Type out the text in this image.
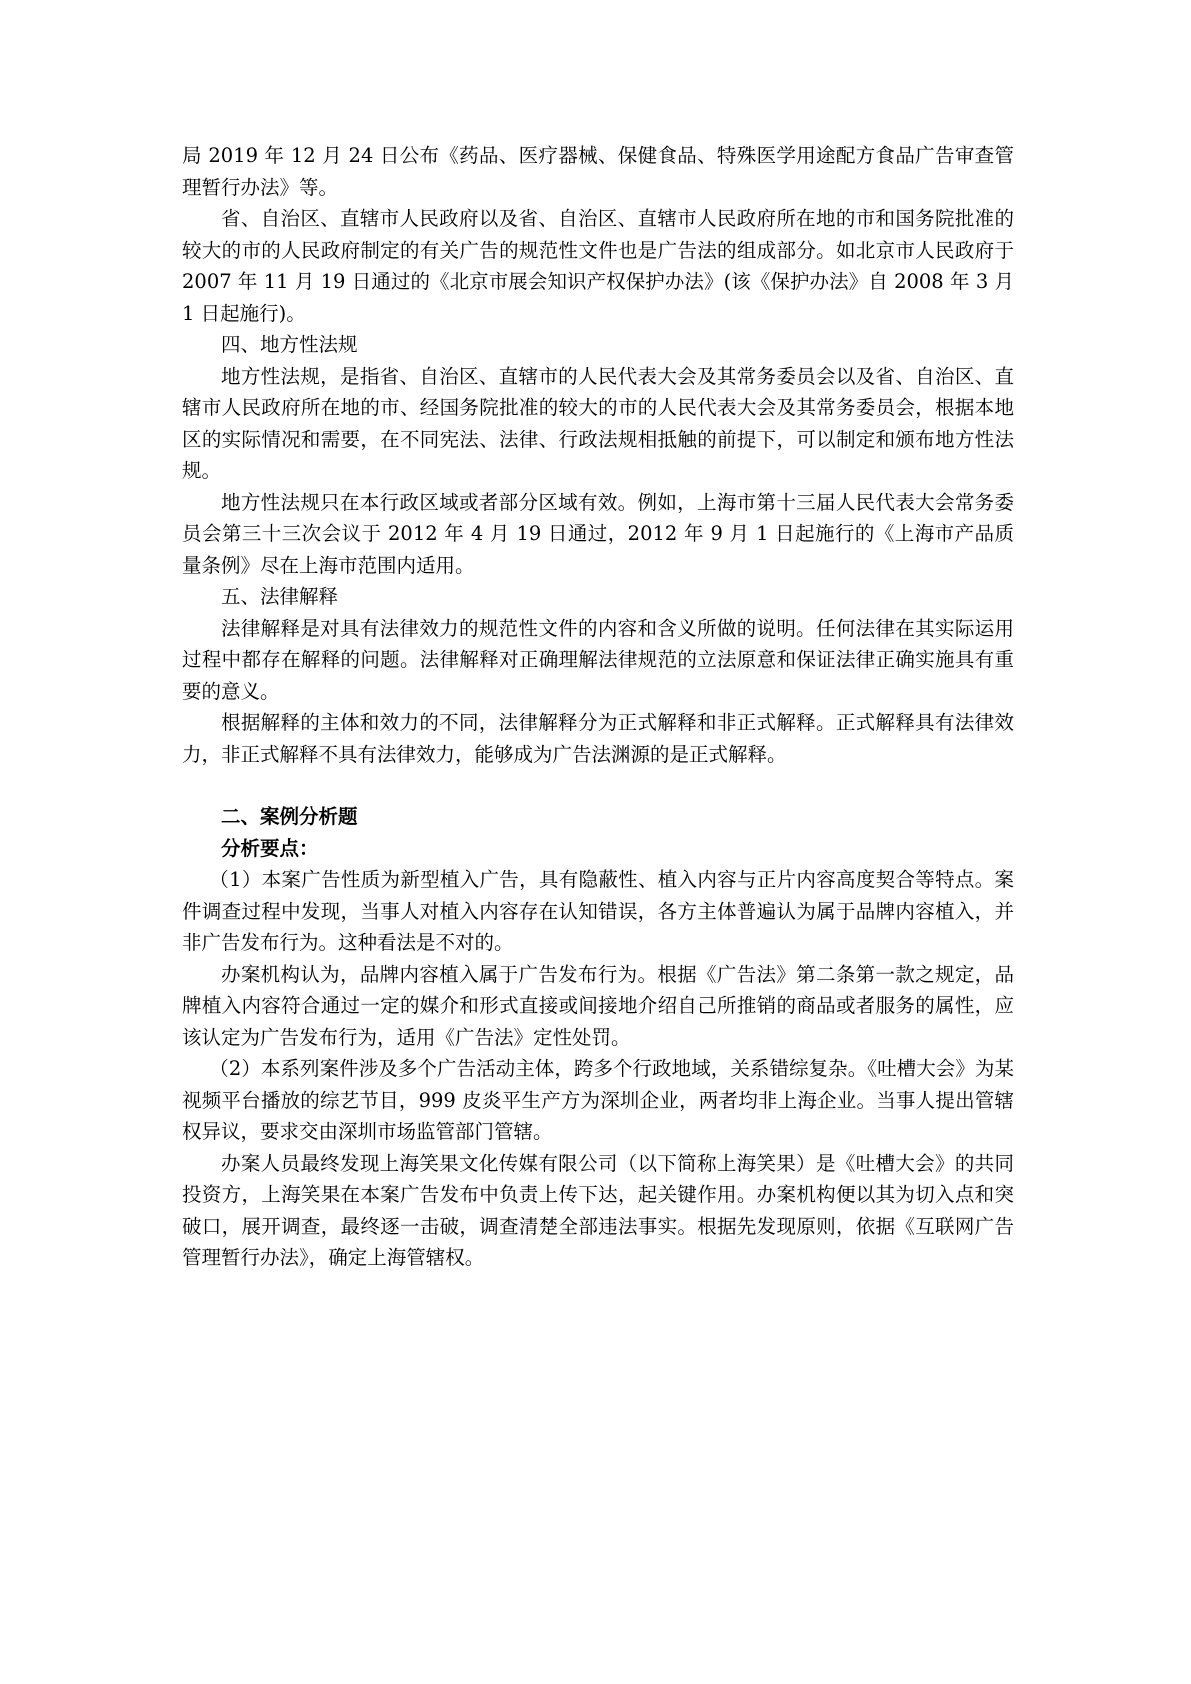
局 2019 年 12 月 24 日公布《药品、医疗器械、保健食品、特殊医学用途配方食品广告审查管理暂行办法》等。

省、自治区、直辖市人民政府以及省、自治区、直辖市人民政府所在地的市和国务院批准的较大的市的人民政府制定的有关广告的规范性文件也是广告法的组成部分。如北京市人民政府于 2007 年 11 月 19 日通过的《北京市展会知识产权保护办法》(该《保护办法》自 2008 年 3 月 1 日起施行)。

四、地方性法规

地方性法规，是指省、自治区、直辖市的人民代表大会及其常务委员会以及省、自治区、直辖市人民政府所在地的市、经国务院批准的较大的市的人民代表大会及其常务委员会，根据本地区的实际情况和需要，在不同宪法、法律、行政法规相抵触的前提下，可以制定和颁布地方性法规。

地方性法规只在本行政区域或者部分区域有效。例如，上海市第十三届人民代表大会常务委员会第三十三次会议于 2012 年 4 月 19 日通过，2012 年 9 月 1 日起施行的《上海市产品质量条例》尽在上海市范围内适用。

五、法律解释

法律解释是对具有法律效力的规范性文件的内容和含义所做的说明。任何法律在其实际运用过程中都存在解释的问题。法律解释对正确理解法律规范的立法原意和保证法律正确实施具有重要的意义。

根据解释的主体和效力的不同，法律解释分为正式解释和非正式解释。正式解释具有法律效力，非正式解释不具有法律效力，能够成为广告法渊源的是正式解释。

二、案例分析题

分析要点：

（1）本案广告性质为新型植入广告，具有隐蔽性、植入内容与正片内容高度契合等特点。案件调查过程中发现，当事人对植入内容存在认知错误，各方主体普遍认为属于品牌内容植入，并非广告发布行为。这种看法是不对的。

办案机构认为，品牌内容植入属于广告发布行为。根据《广告法》第二条第一款之规定，品牌植入内容符合通过一定的媒介和形式直接或间接地介绍自己所推销的商品或者服务的属性，应该认定为广告发布行为，适用《广告法》定性处罚。

（2）本系列案件涉及多个广告活动主体，跨多个行政地域，关系错综复杂。《吐槽大会》为某视频平台播放的综艺节目，999 皮炎平生产方为深圳企业，两者均非上海企业。当事人提出管辖权异议，要求交由深圳市场监管部门管辖。

办案人员最终发现上海笑果文化传媒有限公司（以下简称上海笑果）是《吐槽大会》的共同投资方，上海笑果在本案广告发布中负责上传下达，起关键作用。办案机构便以其为切入点和突破口，展开调查，最终逐一击破，调查清楚全部违法事实。根据先发现原则，依据《互联网广告管理暂行办法》，确定上海管辖权。
